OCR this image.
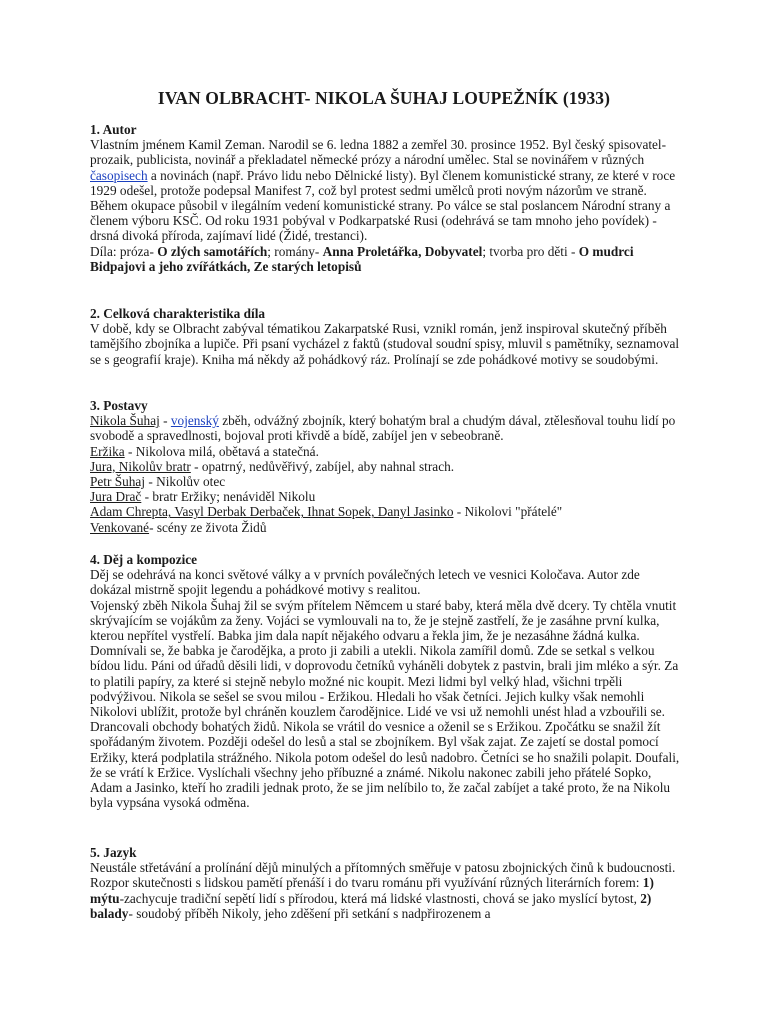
IVAN OLBRACHT- NIKOLA ŠUHAJ LOUPEŽNÍK (1933)

1. Autor

Vlastním jménem Kamil Zeman. Narodil se 6. ledna 1882 a zemřel 30. prosince 1952. Byl český spisovatel-prozaik, publicista, novinář a překladatel německé prózy a národní umělec. Stal se novinářem v různých časopisech a novinách (např. Právo lidu nebo Dělnické listy). Byl členem komunistické strany, ze které v roce 1929 odešel, protože podepsal Manifest 7, což byl protest sedmi umělců proti novým názorům ve straně. Během okupace působil v ilegálním vedení komunistické strany. Po válce se stal poslancem Národní strany a členem výboru KSČ. Od roku 1931 pobýval v Podkarpatské Rusi (odehrává se tam mnoho jeho povídek) - drsná divoká příroda, zajímaví lidé (Židé, trestanci).

Díla: próza- O zlých samotářích; romány- Anna Proletářka, Dobyvatel; tvorba pro děti - O mudrci Bidpajovi a jeho zvířátkách, Ze starých letopisů

2. Celková charakteristika díla

V době, kdy se Olbracht zabýval tématikou Zakarpatské Rusi, vznikl román, jenž inspiroval skutečný příběh tamějšího zbojníka a lupiče. Při psaní vycházel z faktů (studoval soudní spisy, mluvil s pamětníky, seznamoval se s geografií kraje). Kniha má někdy až pohádkový ráz. Prolínají se zde pohádkové motivy se soudobými.

3. Postavy

Nikola Šuhaj - vojenský zběh, odvážný zbojník, který bohatým bral a chudým dával, ztělesňoval touhu lidí po svobodě a spravedlnosti, bojoval proti křivdě a bídě, zabíjel jen v sebeobraně.

Eržika - Nikolova milá, obětavá a statečná.

Jura, Nikolův bratr - opatrný, nedůvěřivý, zabíjel, aby nahnal strach.

Petr Šuhaj - Nikolův otec

Jura Drač - bratr Eržiky; nenáviděl Nikolu

Adam Chrepta, Vasyl Derbak Derbaček, Ihnat Sopek, Danyl Jasinko - Nikolovi "přátelé"

Venkované- scény ze života Židů

4. Děj a kompozice

Děj se odehrává na konci světové války a v prvních poválečných letech ve vesnici Koločava. Autor zde dokázal mistrně spojit legendu a pohádkové motivy s realitou.

Vojenský zběh Nikola Šuhaj žil se svým přítelem Němcem u staré baby, která měla dvě dcery. Ty chtěla vnutit skrývajícím se vojákům za ženy. Vojáci se vymlouvali na to, že je stejně zastřelí, že je zasáhne první kulka, kterou nepřítel vystřelí. Babka jim dala napít nějakého odvaru a řekla jim, že je nezasáhne žádná kulka. Domnívali se, že babka je čarodějka, a proto ji zabili a utekli. Nikola zamířil domů. Zde se setkal s velkou bídou lidu. Páni od úřadů děsili lidi, v doprovodu četníků vyháněli dobytek z pastvin, brali jim mléko a sýr. Za to platili papíry, za které si stejně nebylo možné nic koupit. Mezi lidmi byl velký hlad, všichni trpěli podvýživou. Nikola se sešel se svou milou - Eržikou. Hledali ho však četníci. Jejich kulky však nemohli Nikolovi ublížit, protože byl chráněn kouzlem čarodějnice. Lidé ve vsi už nemohli unést hlad a vzbouřili se. Drancovali obchody bohatých židů. Nikola se vrátil do vesnice a oženil se s Eržikou. Zpočátku se snažil žít spořádaným životem. Později odešel do lesů a stal se zbojníkem. Byl však zajat. Ze zajetí se dostal pomocí Eržiky, která podplatila strážného. Nikola potom odešel do lesů nadobro. Četníci se ho snažili polapit. Doufali, že se vrátí k Eržice. Vyslíchali všechny jeho příbuzné a známé. Nikolu nakonec zabili jeho přátelé Sopko, Adam a Jasinko, kteří ho zradili jednak proto, že se jim nelíbilo to, že začal zabíjet a také proto, že na Nikolu byla vypsána vysoká odměna.

5. Jazyk

Neustále střetávání a prolínání dějů minulých a přítomných směřuje v patosu zbojnických činů k budoucnosti. Rozpor skutečnosti s lidskou pamětí přenáší i do tvaru románu při využívání různých literárních forem: 1) mýtu-zachycuje tradiční sepětí lidí s přírodou, která má lidské vlastnosti, chová se jako myslící bytost, 2) balady- soudobý příběh Nikoly, jeho zděšení při setkání s nadpřirozenem a
